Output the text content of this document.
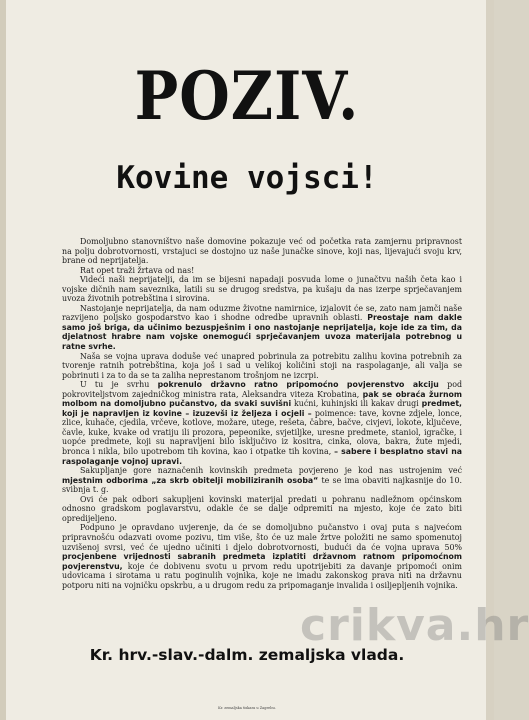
POZIV.
Kovine vojsci!

Domoljubno stanovništvo naše domovine pokazuje već od početka rata zamjernu pripravnost na polju dobrotvornosti, vrstajuci se dostojno uz naše junačke sinove, koji nas, lijevajući svoju krv, brane od neprijatelja.

Rat opet traži žrtava od nas!

Videći naši neprijatelji, da im se bijesni napadaji posvuda lome o junačtvu naših četa kao i vojske dičnih nam saveznika, latili su se drugog sredstva, pa kušaju da nas izerpe sprječavanjem uvoza životnih potrebština i sirovina.

Nastojanje neprijatelja, da nam oduzme životne namirnice, izjalovit će se, zato nam jamči naše razvijeno poljsko gospodarstvo kao i shodne odredbe upravnih oblasti. Preostaje nam dakle samo još briga, da učinimo bezuspješnim i ono nastojanje neprijatelja, koje ide za tim, da djelatnost hrabre nam vojske onemogući sprječavanjem uvoza materijala potrebnog u ratne svrhe.

Naša se vojna uprava doduše već unapred pobrinula za potrebitu zalihu kovina potrebnih za tvorenje ratnih potrebština, koja još i sad u velikoj količini stoji na raspolaganje, ali valja se pobrinuti i za to da se ta zaliha neprestanom trošnjom ne izcrpi.

U tu je svrhu pokrenulo državno ratno pripomoćno povjerenstvo akciju pod pokroviteljstvom zajedničkog ministra rata, Aleksandra viteza Krobatina, pak se obraća žurnom molbom na domoljubno pučanstvo, da svaki suvišni kućni, kuhinjski ili kakav drugi predmet, koji je napravljen iz kovine – izuzevši iz željeza i ocjeli – poimence: tave, kovne zdjele, lonce, zlice, kuhače, cjedila, vrčeve, kotlove, možare, utege, rešeta, čabre, bačve, civjevi, lokote, ključeve, čavle, kuke, kvake od vratiju ili prozora, pepeonike, svjetiljke, uresne predmete, staniol, igračke, i uopće predmete, koji su napravljeni bilo isključivo iz kositra, cinka, olova, bakra, žute mjedi, bronca i nikla, bilo upotrebom tih kovina, kao i otpatke tih kovina, – sabere i besplatno stavi na raspolaganje vojnoj upravi.

Sakupljanje gore naznačenih kovinskih predmeta povjereno je kod nas ustrojenim već mjestnim odborima „za skrb obitelji mobiliziranih osoba“ te se ima obaviti najkasnije do 10. svibnja t. g.

Ovi će pak odbori sakupljeni kovinski materijal predati u pohranu nadležnom općinskom odnosno gradskom poglavarstvu, odakle će se dalje odpremiti na mjesto, koje će zato biti opredijeljeno.

Podpuno je opravdano uvjerenje, da će se domoljubno pučanstvo i ovaj puta s najvećom pripravnošću odazvati ovome pozivu, tim više, što će uz male žrtve položiti ne samo spomenutoj uzvišenoj svrsi, već će ujedno učiniti i djelo dobrotvornosti, budući da će vojna uprava 50% procjenbene vrijednosti sabranih predmeta izplatiti državnom ratnom pripomoćnom povjerenstvu, koje će dobivenu svotu u prvom redu upotrijebiti za davanje pripomoći onim udovicama i sirotama u ratu poginulih vojnika, koje ne imadu zakonskog prava niti na državnu potporu niti na vojničku opskrbu, a u drugom redu za pripomaganje invalida i osiljepljenih vojnika.

Kr. hrv.-slav.-dalm. zemaljska vlada.
Kr. zemaljska tiskara u Zagrebu.
crikva.hr
